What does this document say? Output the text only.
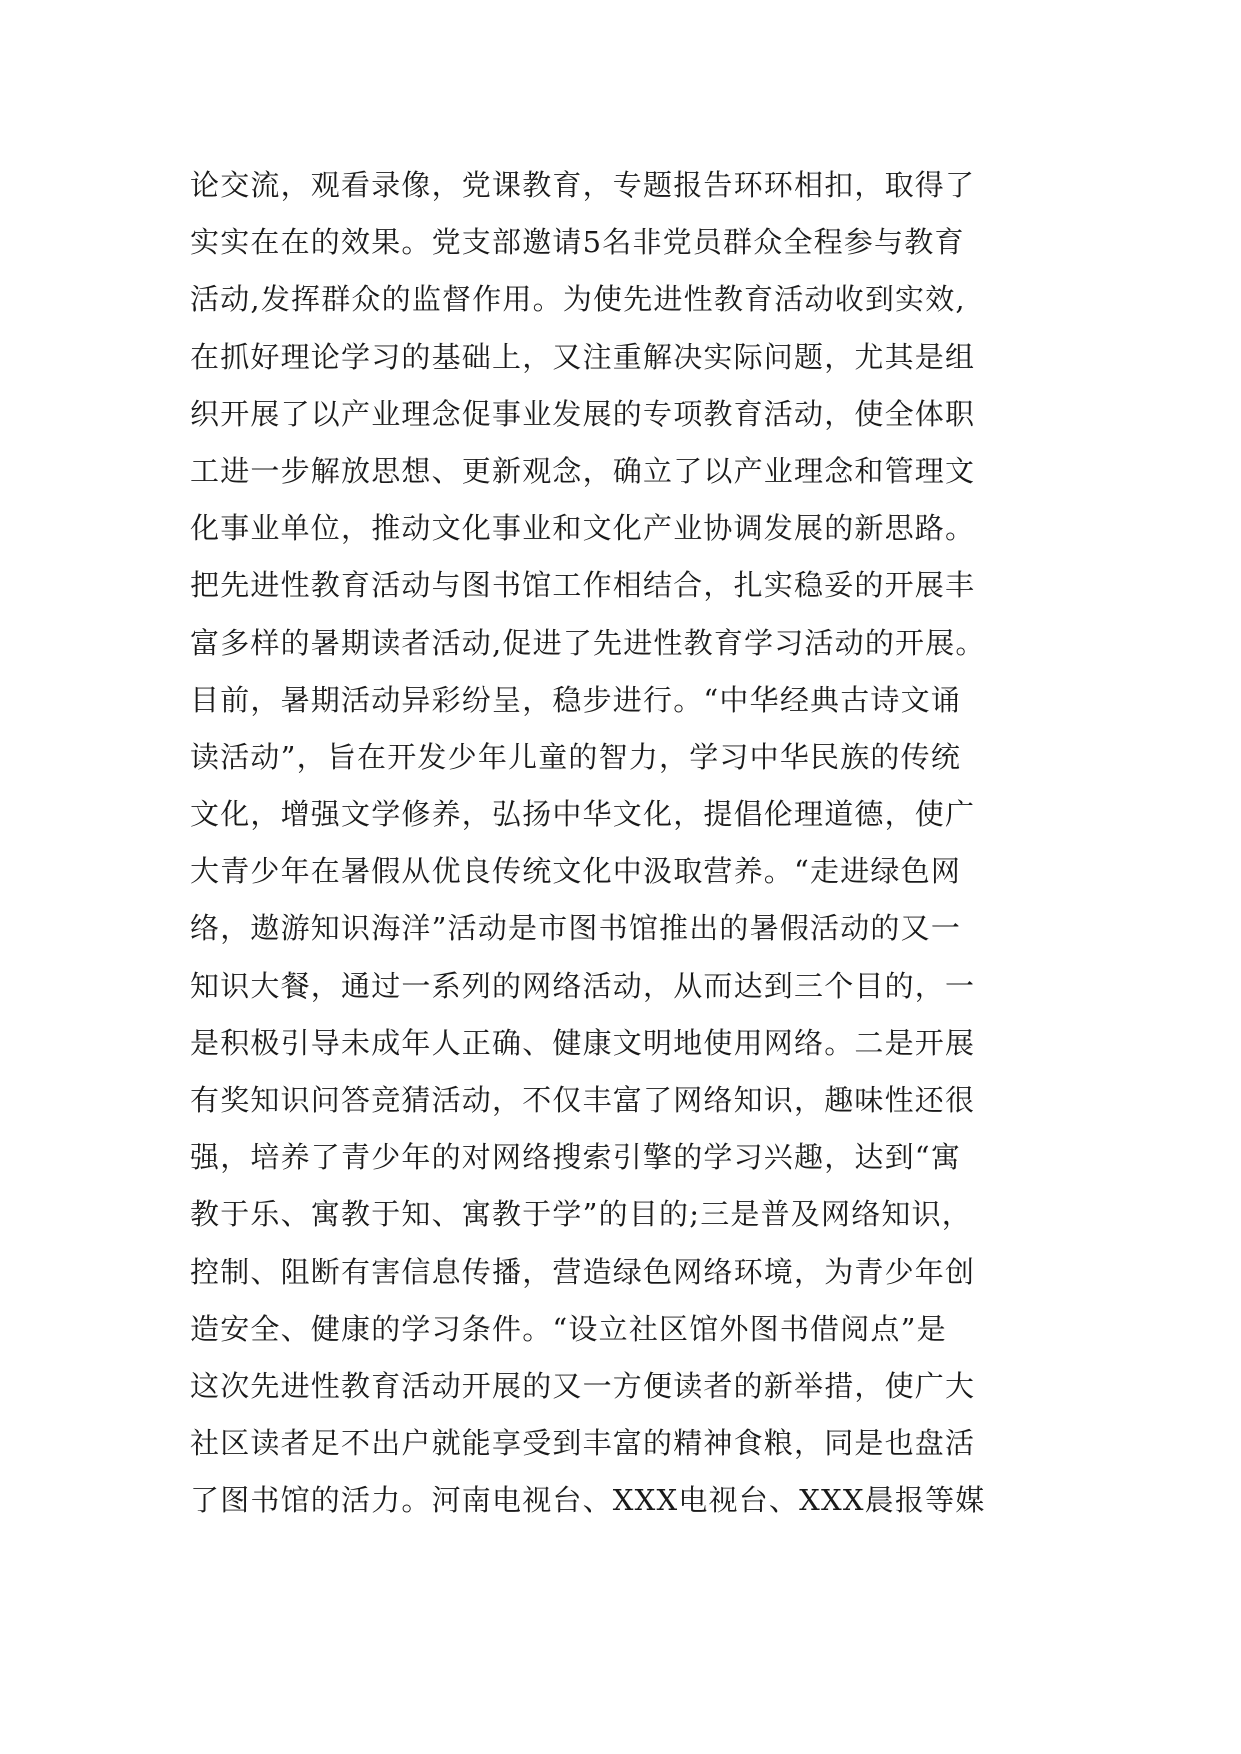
论交流，观看录像，党课教育，专题报告环环相扣，取得了
实实在在的效果。党支部邀请5名非党员群众全程参与教育
活动,发挥群众的监督作用。为使先进性教育活动收到实效,
在抓好理论学习的基础上，又注重解决实际问题，尤其是组
织开展了以产业理念促事业发展的专项教育活动，使全体职
工进一步解放思想、更新观念，确立了以产业理念和管理文
化事业单位，推动文化事业和文化产业协调发展的新思路。
把先进性教育活动与图书馆工作相结合，扎实稳妥的开展丰
富多样的暑期读者活动,促进了先进性教育学习活动的开展。
目前，暑期活动异彩纷呈，稳步进行。“中华经典古诗文诵
读活动”，旨在开发少年儿童的智力，学习中华民族的传统
文化，增强文学修养，弘扬中华文化，提倡伦理道德，使广
大青少年在暑假从优良传统文化中汲取营养。“走进绿色网
络，遨游知识海洋”活动是市图书馆推出的暑假活动的又一
知识大餐，通过一系列的网络活动，从而达到三个目的，一
是积极引导未成年人正确、健康文明地使用网络。二是开展
有奖知识问答竞猜活动，不仅丰富了网络知识，趣味性还很
强，培养了青少年的对网络搜索引擎的学习兴趣，达到“寓
教于乐、寓教于知、寓教于学”的目的;三是普及网络知识，
控制、阻断有害信息传播，营造绿色网络环境，为青少年创
造安全、健康的学习条件。“设立社区馆外图书借阅点”是
这次先进性教育活动开展的又一方便读者的新举措，使广大
社区读者足不出户就能享受到丰富的精神食粮，同是也盘活
了图书馆的活力。河南电视台、XXX电视台、XXX晨报等媒
